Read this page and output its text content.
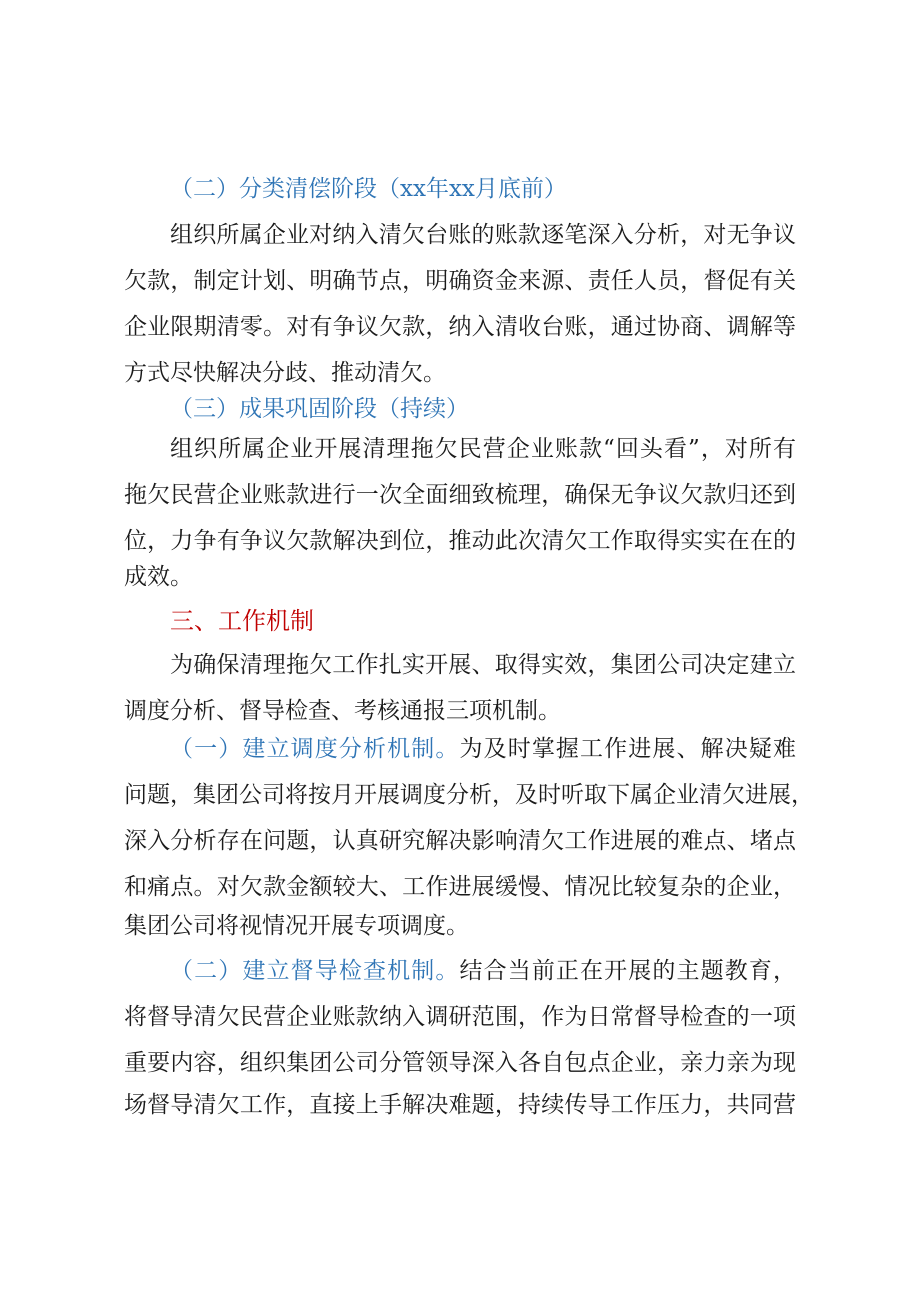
（二）分类清偿阶段（xx年xx月底前）
组织所属企业对纳入清欠台账的账款逐笔深入分析，对无争议
欠款，制定计划、明确节点，明确资金来源、责任人员，督促有关
企业限期清零。对有争议欠款，纳入清收台账，通过协商、调解等
方式尽快解决分歧、推动清欠。
（三）成果巩固阶段（持续）
组织所属企业开展清理拖欠民营企业账款“回头看”，对所有
拖欠民营企业账款进行一次全面细致梳理，确保无争议欠款归还到
位，力争有争议欠款解决到位，推动此次清欠工作取得实实在在的
成效。
三、工作机制
为确保清理拖欠工作扎实开展、取得实效，集团公司决定建立
调度分析、督导检查、考核通报三项机制。
（一）建立调度分析机制。为及时掌握工作进展、解决疑难
问题，集团公司将按月开展调度分析，及时听取下属企业清欠进展，
深入分析存在问题，认真研究解决影响清欠工作进展的难点、堵点
和痛点。对欠款金额较大、工作进展缓慢、情况比较复杂的企业，
集团公司将视情况开展专项调度。
（二）建立督导检查机制。结合当前正在开展的主题教育，
将督导清欠民营企业账款纳入调研范围，作为日常督导检查的一项
重要内容，组织集团公司分管领导深入各自包点企业，亲力亲为现
场督导清欠工作，直接上手解决难题，持续传导工作压力，共同营
